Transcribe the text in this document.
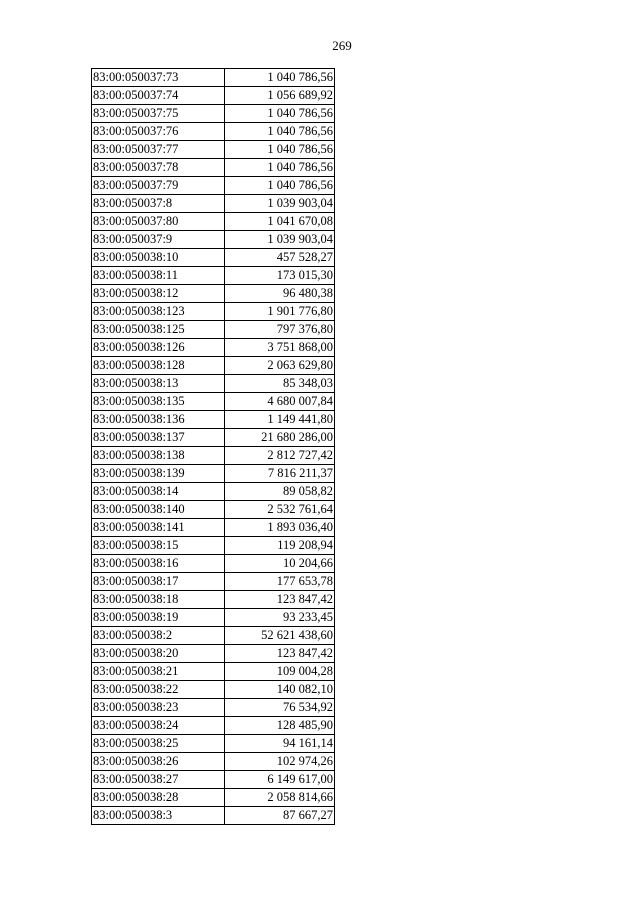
269
83:00:050037:73	1 040 786,56
83:00:050037:74	1 056 689,92
83:00:050037:75	1 040 786,56
83:00:050037:76	1 040 786,56
83:00:050037:77	1 040 786,56
83:00:050037:78	1 040 786,56
83:00:050037:79	1 040 786,56
83:00:050037:8	1 039 903,04
83:00:050037:80	1 041 670,08
83:00:050037:9	1 039 903,04
83:00:050038:10	457 528,27
83:00:050038:11	173 015,30
83:00:050038:12	96 480,38
83:00:050038:123	1 901 776,80
83:00:050038:125	797 376,80
83:00:050038:126	3 751 868,00
83:00:050038:128	2 063 629,80
83:00:050038:13	85 348,03
83:00:050038:135	4 680 007,84
83:00:050038:136	1 149 441,80
83:00:050038:137	21 680 286,00
83:00:050038:138	2 812 727,42
83:00:050038:139	7 816 211,37
83:00:050038:14	89 058,82
83:00:050038:140	2 532 761,64
83:00:050038:141	1 893 036,40
83:00:050038:15	119 208,94
83:00:050038:16	10 204,66
83:00:050038:17	177 653,78
83:00:050038:18	123 847,42
83:00:050038:19	93 233,45
83:00:050038:2	52 621 438,60
83:00:050038:20	123 847,42
83:00:050038:21	109 004,28
83:00:050038:22	140 082,10
83:00:050038:23	76 534,92
83:00:050038:24	128 485,90
83:00:050038:25	94 161,14
83:00:050038:26	102 974,26
83:00:050038:27	6 149 617,00
83:00:050038:28	2 058 814,66
83:00:050038:3	87 667,27
